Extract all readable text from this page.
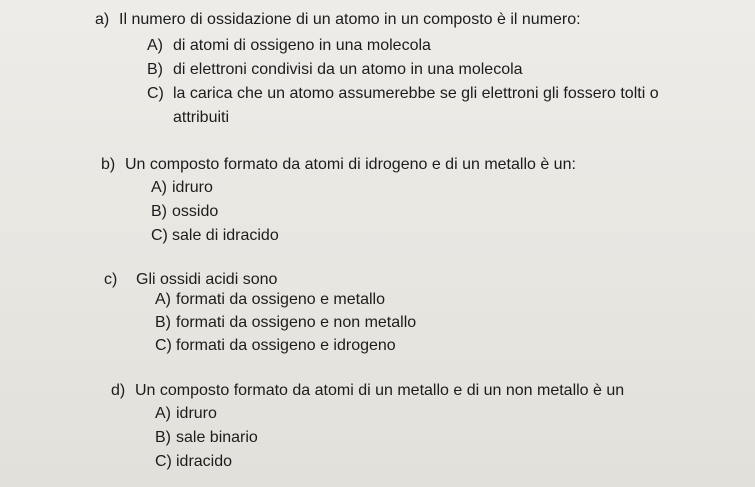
a) Il numero di ossidazione di un atomo in un composto è il numero:
A) di atomi di ossigeno in una molecola
B) di elettroni condivisi da un atomo in una molecola
C) la carica che un atomo assumerebbe se gli elettroni gli fossero tolti o
attribuiti
b) Un composto formato da atomi di idrogeno e di un metallo è un:
A) idruro
B) ossido
C) sale di idracido
c) Gli ossidi acidi sono
A) formati da ossigeno e metallo
B) formati da ossigeno e non metallo
C) formati da ossigeno e idrogeno
d) Un composto formato da atomi di un metallo e di un non metallo è un
A) idruro
B) sale binario
C) idracido
